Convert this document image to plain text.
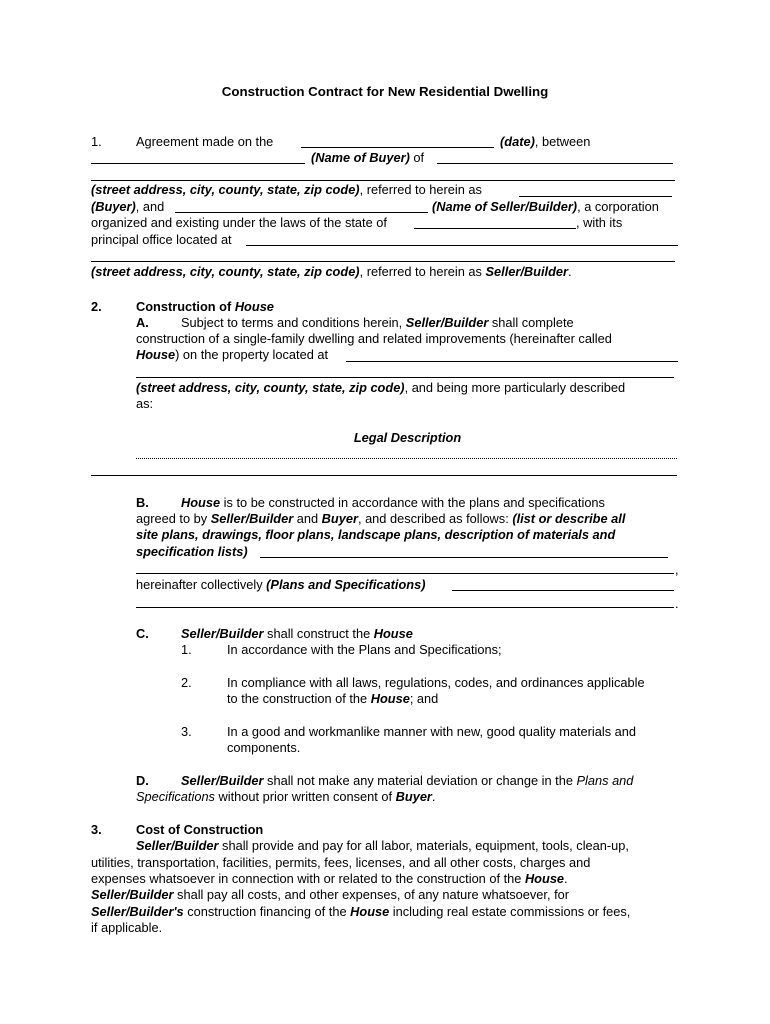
Construction Contract for New Residential Dwelling
1.	Agreement made on the	(date), between
(Name of Buyer) of
(street address, city, county, state, zip code), referred to herein as
(Buyer), and	(Name of Seller/Builder), a corporation
organized and existing under the laws of the state of	, with its
principal office located at
(street address, city, county, state, zip code), referred to herein as Seller/Builder.
2.	Construction of House
A.	Subject to terms and conditions herein, Seller/Builder shall complete
construction of a single-family dwelling and related improvements (hereinafter called
House) on the property located at
(street address, city, county, state, zip code), and being more particularly described
as:
Legal Description
B.	House is to be constructed in accordance with the plans and specifications
agreed to by Seller/Builder and Buyer, and described as follows: (list or describe all
site plans, drawings, floor plans, landscape plans, description of materials and
specification lists)
,
hereinafter collectively (Plans and Specifications)
.
C.	Seller/Builder shall construct the House
1.	In accordance with the Plans and Specifications;
2.	In compliance with all laws, regulations, codes, and ordinances applicable
to the construction of the House; and
3.	In a good and workmanlike manner with new, good quality materials and
components.
D.	Seller/Builder shall not make any material deviation or change in the Plans and
Specifications without prior written consent of Buyer.
3.	Cost of Construction
Seller/Builder shall provide and pay for all labor, materials, equipment, tools, clean-up,
utilities, transportation, facilities, permits, fees, licenses, and all other costs, charges and
expenses whatsoever in connection with or related to the construction of the House.
Seller/Builder shall pay all costs, and other expenses, of any nature whatsoever, for
Seller/Builder's construction financing of the House including real estate commissions or fees,
if applicable.
